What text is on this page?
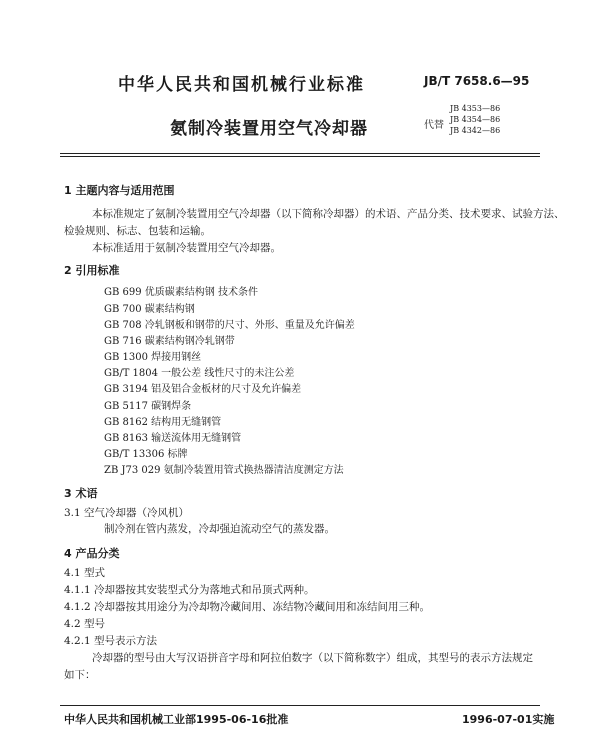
中华人民共和国机械行业标准	JB/T 7658.6—95
氨制冷装置用空气冷却器	代替
JB 4353—86
JB 4354—86
JB 4342—86
1 主题内容与适用范围
本标准规定了氨制冷装置用空气冷却器（以下简称冷却器）的术语、产品分类、技术要求、试验方法、
检验规则、标志、包装和运输。
本标准适用于氨制冷装置用空气冷却器。
2 引用标准
GB 699 优质碳素结构钢 技术条件
GB 700 碳素结构钢
GB 708 冷轧钢板和钢带的尺寸、外形、重量及允许偏差
GB 716 碳素结构钢冷轧钢带
GB 1300 焊接用钢丝
GB/T 1804 一般公差 线性尺寸的未注公差
GB 3194 铝及铝合金板材的尺寸及允许偏差
GB 5117 碳钢焊条
GB 8162 结构用无缝钢管
GB 8163 输送流体用无缝钢管
GB/T 13306 标牌
ZB J73 029 氨制冷装置用管式换热器清洁度测定方法
3 术语
3.1 空气冷却器（冷风机）
制冷剂在管内蒸发，冷却强迫流动空气的蒸发器。
4 产品分类
4.1 型式
4.1.1 冷却器按其安装型式分为落地式和吊顶式两种。
4.1.2 冷却器按其用途分为冷却物冷藏间用、冻结物冷藏间用和冻结间用三种。
4.2 型号
4.2.1 型号表示方法
冷却器的型号由大写汉语拼音字母和阿拉伯数字（以下简称数字）组成，其型号的表示方法规定
如下：
中华人民共和国机械工业部1995-06-16批准	1996-07-01实施
